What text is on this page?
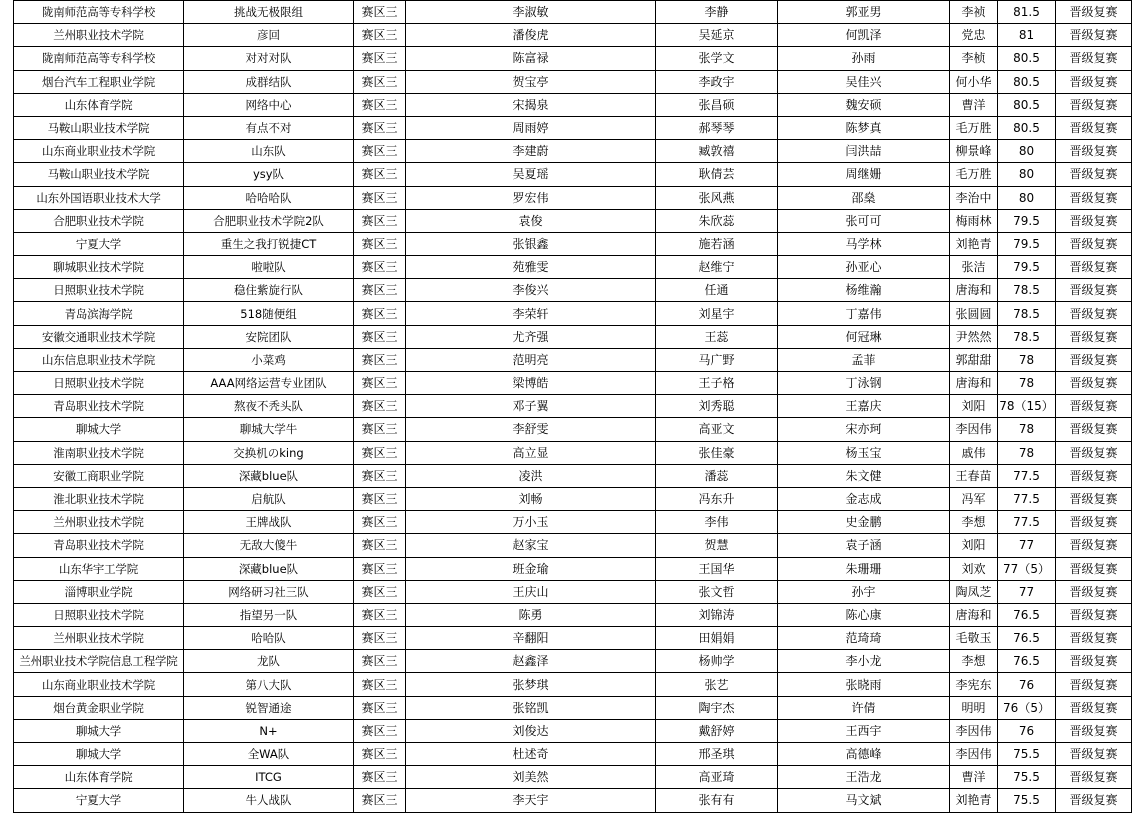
陇南师范高等专科学校	挑战无极限组	赛区三	李淑敏	李静	郭亚男	李祯	81.5	晋级复赛
兰州职业技术学院	彦回	赛区三	潘俊虎	吴延京	何凯泽	党忠	81	晋级复赛
陇南师范高等专科学校	对对对队	赛区三	陈富禄	张学文	孙雨	李桢	80.5	晋级复赛
烟台汽车工程职业学院	成群结队	赛区三	贺宝亭	李政宇	吴佳兴	何小华	80.5	晋级复赛
山东体育学院	网络中心	赛区三	宋揭泉	张昌硕	魏安硕	曹洋	80.5	晋级复赛
马鞍山职业技术学院	有点不对	赛区三	周雨婷	郝琴琴	陈梦真	毛万胜	80.5	晋级复赛
山东商业职业技术学院	山东队	赛区三	李建蔚	臧敦禧	闫洪喆	柳景峰	80	晋级复赛
马鞍山职业技术学院	ysy队	赛区三	吴夏瑶	耿倩芸	周继姗	毛万胜	80	晋级复赛
山东外国语职业技术大学	哈哈哈队	赛区三	罗宏伟	张风燕	邵燊	李治中	80	晋级复赛
合肥职业技术学院	合肥职业技术学院2队	赛区三	袁俊	朱欣蕊	张可可	梅雨林	79.5	晋级复赛
宁夏大学	重生之我打锐捷CT	赛区三	张银鑫	施若涵	马学林	刘艳青	79.5	晋级复赛
聊城职业技术学院	啦啦队	赛区三	苑雅雯	赵维宁	孙亚心	张洁	79.5	晋级复赛
日照职业技术学院	稳住紫旋行队	赛区三	李俊兴	任通	杨维瀚	唐海和	78.5	晋级复赛
青岛滨海学院	518随便组	赛区三	李荣轩	刘星宇	丁嘉伟	张圆圆	78.5	晋级复赛
安徽交通职业技术学院	安院团队	赛区三	尤齐强	王蕊	何冠琳	尹然然	78.5	晋级复赛
山东信息职业技术学院	小菜鸡	赛区三	范明亮	马广野	孟菲	郭甜甜	78	晋级复赛
日照职业技术学院	AAA网络运营专业团队	赛区三	梁博皓	王子格	丁泳钢	唐海和	78	晋级复赛
青岛职业技术学院	熬夜不秃头队	赛区三	邓子翼	刘秀聪	王嘉庆	刘阳	78（15）	晋级复赛
聊城大学	聊城大学牛	赛区三	李舒雯	高亚文	宋亦珂	李因伟	78	晋级复赛
淮南职业技术学院	交换机のking	赛区三	高立显	张佳豪	杨玉宝	戚伟	78	晋级复赛
安徽工商职业学院	深藏blue队	赛区三	凌洪	潘蕊	朱文健	王春苗	77.5	晋级复赛
淮北职业技术学院	启航队	赛区三	刘畅	冯东升	金志成	冯军	77.5	晋级复赛
兰州职业技术学院	王牌战队	赛区三	万小玉	李伟	史金鹏	李想	77.5	晋级复赛
青岛职业技术学院	无敌大傻牛	赛区三	赵家宝	贺慧	袁子涵	刘阳	77	晋级复赛
山东华宇工学院	深藏blue队	赛区三	班金瑜	王国华	朱珊珊	刘欢	77（5）	晋级复赛
淄博职业学院	网络研习社三队	赛区三	王庆山	张文哲	孙宇	陶凤芝	77	晋级复赛
日照职业技术学院	指望另一队	赛区三	陈勇	刘锦涛	陈心康	唐海和	76.5	晋级复赛
兰州职业技术学院	哈哈队	赛区三	辛翻阳	田娟娟	范琦琦	毛敬玉	76.5	晋级复赛
兰州职业技术学院信息工程学院	龙队	赛区三	赵鑫泽	杨帅学	李小龙	李想	76.5	晋级复赛
山东商业职业技术学院	第八大队	赛区三	张梦琪	张艺	张晓雨	李宪东	76	晋级复赛
烟台黄金职业学院	锐智通途	赛区三	张铭凯	陶宇杰	许倩	明明	76（5）	晋级复赛
聊城大学	N+	赛区三	刘俊达	戴舒婷	王西宇	李因伟	76	晋级复赛
聊城大学	全WA队	赛区三	杜述奇	邢圣琪	高德峰	李因伟	75.5	晋级复赛
山东体育学院	ITCG	赛区三	刘美然	高亚琦	王浩龙	曹洋	75.5	晋级复赛
宁夏大学	牛人战队	赛区三	李天宇	张有有	马文斌	刘艳青	75.5	晋级复赛
